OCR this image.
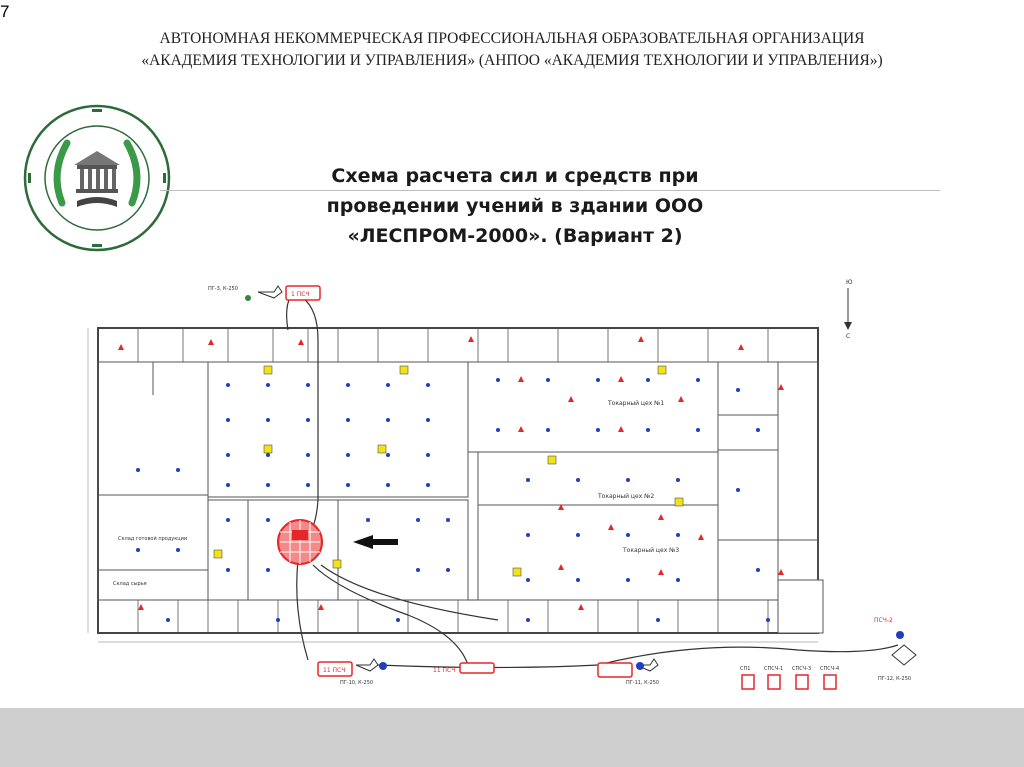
7
АВТОНОМНАЯ НЕКОММЕРЧЕСКАЯ ПРОФЕССИОНАЛЬНАЯ ОБРАЗОВАТЕЛЬНАЯ ОРГАНИЗАЦИЯ
«АКАДЕМИЯ ТЕХНОЛОГИИ И УПРАВЛЕНИЯ» (АНПОО «АКАДЕМИЯ ТЕХНОЛОГИИ И УПРАВЛЕНИЯ»)
Схема расчета сил и средств при
проведении учений в здании ООО
«ЛЕСПРОМ-2000». (Вариант 2)
Токарный цех №1
Токарный цех №2
Токарный цех №3
Склад готовой продукции
Склад сырья
1 ПСЧ
11 ПСЧ	11 ПСЧ
ПСЧ-2
ПГ-3, К-250
ПГ-10, К-250	ПГ-11, К-250
ПГ-12, К-250
Ю
С
СП1	СПСЧ-1 СПСЧ-3 СПСЧ-4
